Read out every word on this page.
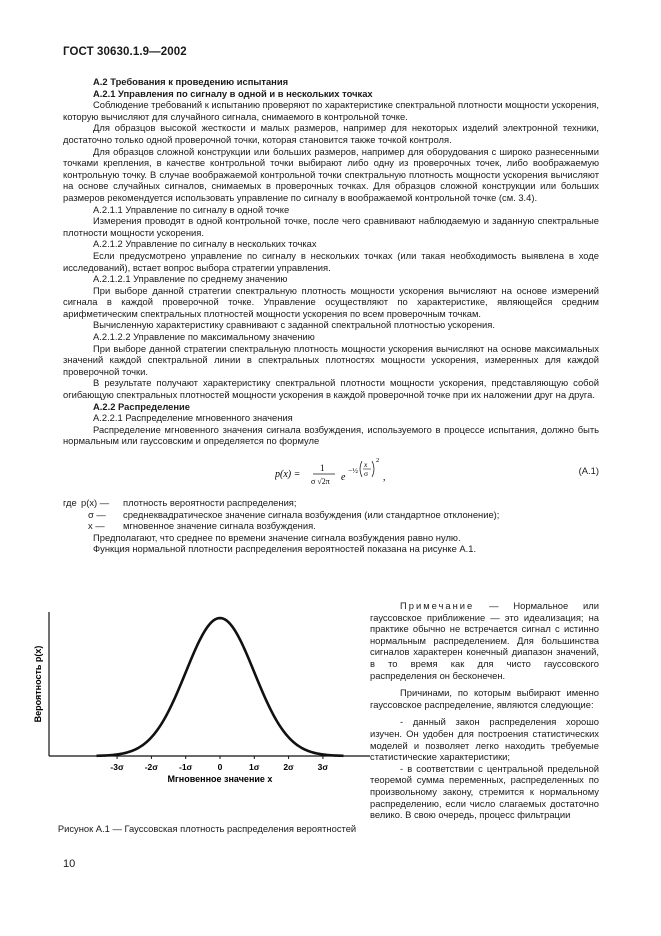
ГОСТ 30630.1.9—2002

А.2 Требования к проведению испытания

А.2.1 Управления по сигналу в одной и в нескольких точках

Соблюдение требований к испытанию проверяют по характеристике спектральной плотности мощности ускорения, которую вычисляют для случайного сигнала, снимаемого в контрольной точке.

Для образцов высокой жесткости и малых размеров, например для некоторых изделий электронной техники, достаточно только одной проверочной точки, которая становится также точкой контроля.

Для образцов сложной конструкции или больших размеров, например для оборудования с широко разнесенными точками крепления, в качестве контрольной точки выбирают либо одну из проверочных точек, либо воображаемую контрольную точку. В случае воображаемой контрольной точки спектральную плотность мощности ускорения вычисляют на основе случайных сигналов, снимаемых в проверочных точках. Для образцов сложной конструкции или больших размеров рекомендуется использовать управление по сигналу в воображаемой контрольной точке (см. 3.4).

А.2.1.1 Управление по сигналу в одной точке

Измерения проводят в одной контрольной точке, после чего сравнивают наблюдаемую и заданную спектральные плотности мощности ускорения.

А.2.1.2 Управление по сигналу в нескольких точках

Если предусмотрено управление по сигналу в нескольких точках (или такая необходимость выявлена в ходе исследований), встает вопрос выбора стратегии управления.

А.2.1.2.1 Управление по среднему значению

При выборе данной стратегии спектральную плотность мощности ускорения вычисляют на основе измерений сигнала в каждой проверочной точке. Управление осуществляют по характеристике, являющейся средним арифметическим спектральных плотностей мощности ускорения по всем проверочным точкам.

Вычисленную характеристику сравнивают с заданной спектральной плотностью ускорения.

А.2.1.2.2 Управление по максимальному значению

При выборе данной стратегии спектральную плотность мощности ускорения вычисляют на основе максимальных значений каждой спектральной линии в спектральных плотностях мощности ускорения, измеренных для каждой проверочной точки.

В результате получают характеристику спектральной плотности мощности ускорения, представляющую собой огибающую спектральных плотностей мощности ускорения в каждой проверочной точке при их наложении друг на друга.

А.2.2 Распределение

А.2.2.1 Распределение мгновенного значения

Распределение мгновенного значения сигнала возбуждения, используемого в процессе испытания, должно быть нормальным или гауссовским и определяется по формуле

p(x) =
1
σ √2π e
−½
x
σ
2
,
(А.1)
где p(x) —	плотность вероятности распределения;
σ —	среднеквадратическое значение сигнала возбуждения (или стандартное отклонение);
x —	мгновенное значение сигнала возбуждения.

Предполагают, что среднее по времени значение сигнала возбуждения равно нулю.

Функция нормальной плотности распределения вероятностей показана на рисунке А.1.

-3σ -2σ -1σ	0	1σ	2σ	3σ
Мгновенное значение x
Вероятность p(x)
Рисунок А.1 — Гауссовская плотность распределения вероятностей

Примечание — Нормальное или гауссовское приближение — это идеализация; на практике обычно не встречается сигнал с истинно нормальным распределением. Для большинства сигналов характерен конечный диапазон значений, в то время как для чисто гауссовского распределения он бесконечен.

Причинами, по которым выбирают именно гауссовское распределение, являются следующие:

- данный закон распределения хорошо изучен. Он удобен для построения статистических моделей и позволяет легко находить требуемые статистические характеристики;

- в соответствии с центральной предельной теоремой сумма переменных, распределенных по произвольному закону, стремится к нормальному распределению, если число слагаемых достаточно велико. В свою очередь, процесс фильтрации

10
